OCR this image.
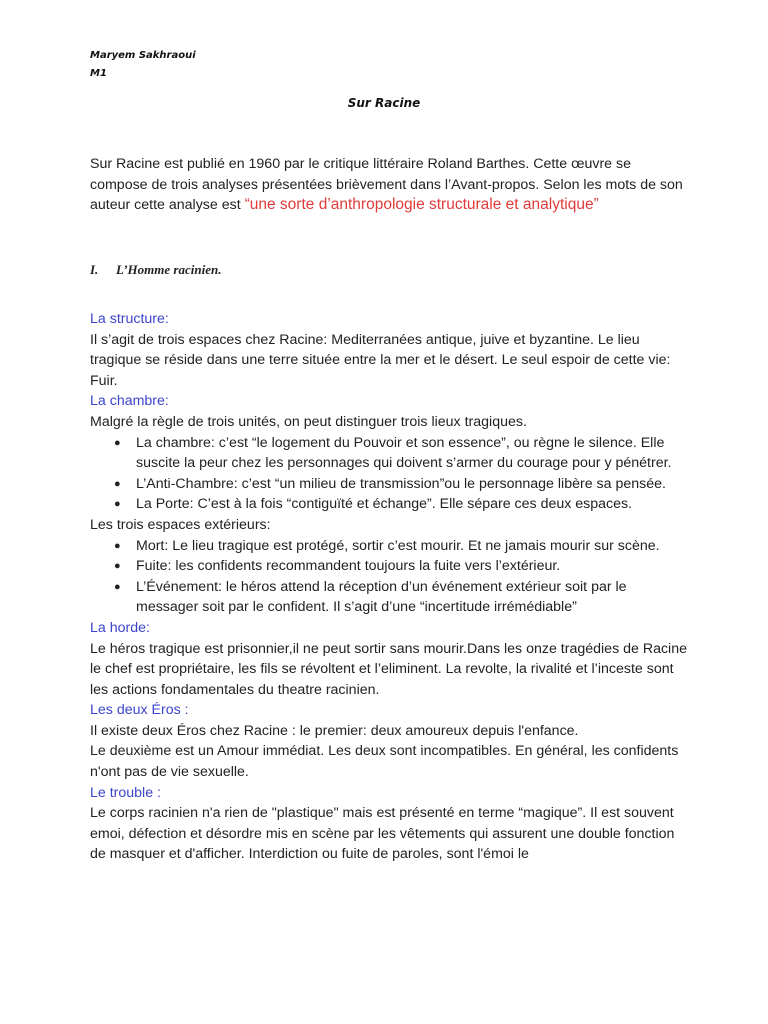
Maryem Sakhraoui
M1
Sur Racine
Sur Racine est publié en 1960 par le critique littéraire Roland Barthes. Cette œuvre se compose de trois analyses présentées brièvement dans l’Avant-propos. Selon les mots de son auteur cette analyse est “une sorte d’anthropologie structurale et analytique”
I. L’Homme racinien.

La structure:

Il s’agit de trois espaces chez Racine: Mediterranées antique, juive et byzantine. Le lieu tragique se réside dans une terre située entre la mer et le désert. Le seul espoir de cette vie: Fuir.

La chambre:

Malgré la règle de trois unités, on peut distinguer trois lieux tragiques.

● La chambre: c’est “le logement du Pouvoir et son essence”, ou règne le silence. Elle suscite la peur chez les personnages qui doivent s’armer du courage pour y pénétrer.
● L’Anti-Chambre: c’est “un milieu de transmission”ou le personnage libère sa pensée.
● La Porte: C’est à la fois “contiguïté et échange”. Elle sépare ces deux espaces.

Les trois espaces extérieurs:

● Mort: Le lieu tragique est protégé, sortir c’est mourir. Et ne jamais mourir sur scène.
● Fuite: les confidents recommandent toujours la fuite vers l’extérieur.
● L’Événement: le héros attend la réception d’un événement extérieur soit par le messager soit par le confident. Il s’agit d’une “incertitude irrémédiable”

La horde:

Le héros tragique est prisonnier,il ne peut sortir sans mourir.Dans les onze tragédies de Racine le chef est propriétaire, les fils se révoltent et l’eliminent. La revolte, la rivalité et l’inceste sont les actions fondamentales du theatre racinien.

Les deux Éros :

Il existe deux Éros chez Racine : le premier: deux amoureux depuis l'enfance.

Le deuxième est un Amour immédiat. Les deux sont incompatibles. En général, les confidents n'ont pas de vie sexuelle.

Le trouble :

Le corps racinien n'a rien de "plastique" mais est présenté en terme “magique”. Il est souvent emoi, défection et désordre mis en scène par les vêtements qui assurent une double fonction de masquer et d'afficher. Interdiction ou fuite de paroles, sont l'émoi le
